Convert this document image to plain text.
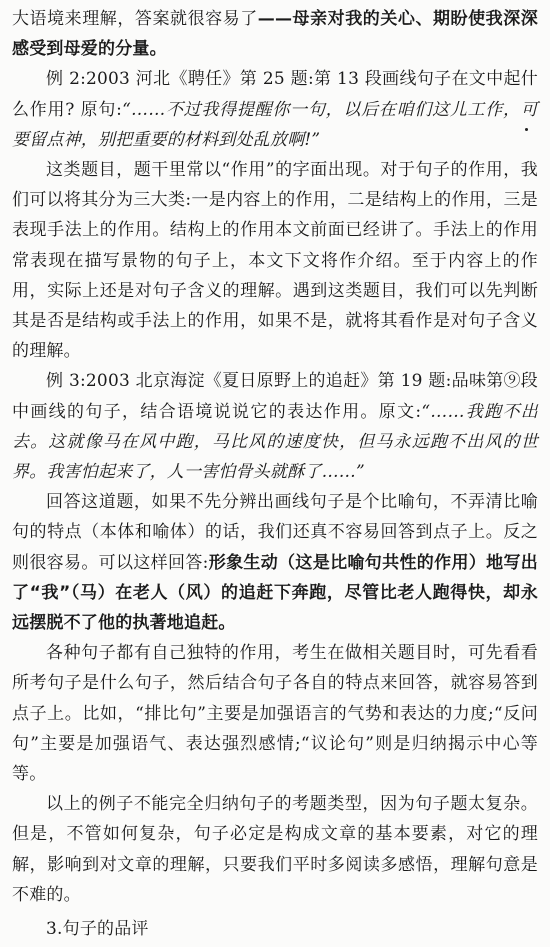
大语境来理解，答案就很容易了——母亲对我的关心、期盼使我深深感受到母爱的分量。

例 2:2003 河北《聘任》第 25 题:第 13 段画线句子在文中起什么作用? 原句:“……不过我得提醒你一句，以后在咱们这儿工作，可要留点神，别把重要的材料到处乱放啊!”

这类题目，题干里常以“作用”的字面出现。对于句子的作用，我们可以将其分为三大类:一是内容上的作用，二是结构上的作用，三是表现手法上的作用。结构上的作用本文前面已经讲了。手法上的作用常表现在描写景物的句子上，本文下文将作介绍。至于内容上的作用，实际上还是对句子含义的理解。遇到这类题目，我们可以先判断其是否是结构或手法上的作用，如果不是，就将其看作是对句子含义的理解。

例 3:2003 北京海淀《夏日原野上的追赶》第 19 题:品味第⑨段中画线的句子，结合语境说说它的表达作用。原文:“……我跑不出去。这就像马在风中跑，马比风的速度快，但马永远跑不出风的世界。我害怕起来了，人一害怕骨头就酥了……”

回答这道题，如果不先分辨出画线句子是个比喻句，不弄清比喻句的特点（本体和喻体）的话，我们还真不容易回答到点子上。反之则很容易。可以这样回答:形象生动（这是比喻句共性的作用）地写出了“我”（马）在老人（风）的追赶下奔跑，尽管比老人跑得快，却永远摆脱不了他的执著地追赶。

各种句子都有自己独特的作用，考生在做相关题目时，可先看看所考句子是什么句子，然后结合句子各自的特点来回答，就容易答到点子上。比如，“排比句”主要是加强语言的气势和表达的力度;“反问句”主要是加强语气、表达强烈感情;“议论句”则是归纳揭示中心等等。

以上的例子不能完全归纳句子的考题类型，因为句子题太复杂。但是，不管如何复杂，句子必定是构成文章的基本要素，对它的理解，影响到对文章的理解，只要我们平时多阅读多感悟，理解句意是不难的。

3.句子的品评
